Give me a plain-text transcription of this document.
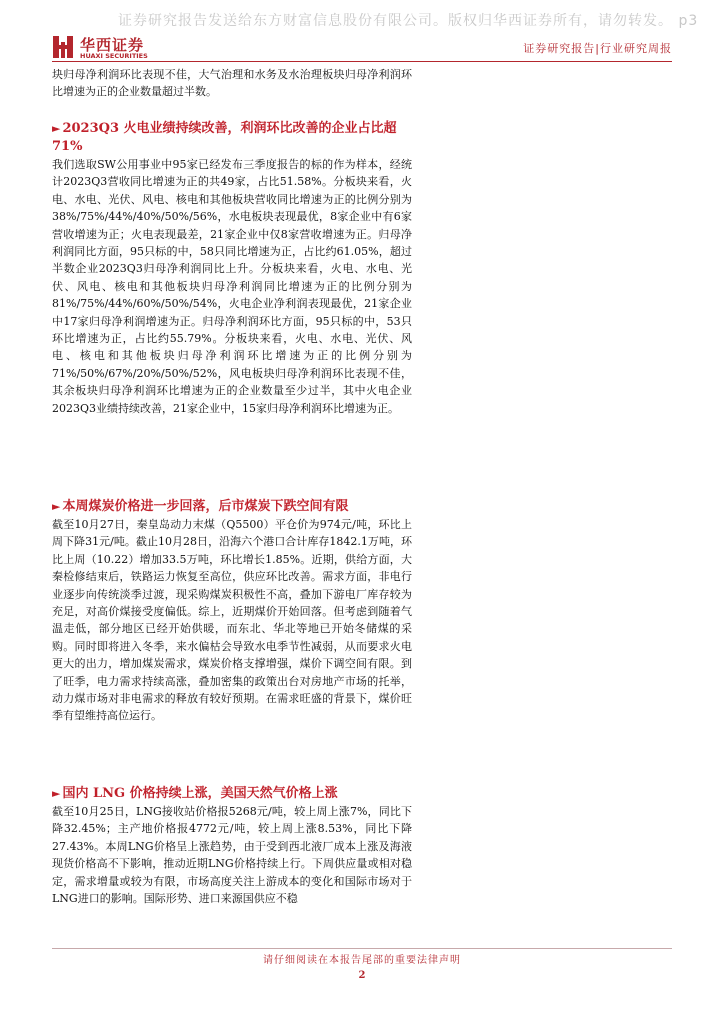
证券研究报告发送给东方财富信息股份有限公司。版权归华西证券所有，请勿转发。 p3
华西证券
HUAXI SECURITIES
证券研究报告|行业研究周报

块归母净利润环比表现不佳，大气治理和水务及水治理板块归母净利润环比增速为正的企业数量超过半数。

► 2023Q3 火电业绩持续改善，利润环比改善的企业占比超 71%

我们选取SW公用事业中95家已经发布三季度报告的标的作为样本，经统计2023Q3营收同比增速为正的共49家，占比51.58%。分板块来看，火电、水电、光伏、风电、核电和其他板块营收同比增速为正的比例分别为38%/75%/44%/40%/50%/56%，水电板块表现最优，8家企业中有6家营收增速为正；火电表现最差，21家企业中仅8家营收增速为正。归母净利润同比方面，95只标的中，58只同比增速为正，占比约61.05%，超过半数企业2023Q3归母净利润同比上升。分板块来看，火电、水电、光伏、风电、核电和其他板块归母净利润同比增速为正的比例分别为81%/75%/44%/60%/50%/54%，火电企业净利润表现最优，21家企业中17家归母净利润增速为正。归母净利润环比方面，95只标的中，53只环比增速为正，占比约55.79%。分板块来看，火电、水电、光伏、风电、核电和其他板块归母净利润环比增速为正的比例分别为71%/50%/67%/20%/50%/52%，风电板块归母净利润环比表现不佳，其余板块归母净利润环比增速为正的企业数量至少过半，其中火电企业2023Q3业绩持续改善，21家企业中，15家归母净利润环比增速为正。

► 本周煤炭价格进一步回落，后市煤炭下跌空间有限

截至10月27日，秦皇岛动力末煤（Q5500）平仓价为974元/吨，环比上周下降31元/吨。截止10月28日，沿海六个港口合计库存1842.1万吨，环比上周（10.22）增加33.5万吨，环比增长1.85%。近期，供给方面，大秦检修结束后，铁路运力恢复至高位，供应环比改善。需求方面，非电行业逐步向传统淡季过渡，现采购煤炭积极性不高，叠加下游电厂库存较为充足，对高价煤接受度偏低。综上，近期煤价开始回落。但考虑到随着气温走低，部分地区已经开始供暖，而东北、华北等地已开始冬储煤的采购。同时即将进入冬季，来水偏枯会导致水电季节性减弱，从而要求火电更大的出力，增加煤炭需求，煤炭价格支撑增强，煤价下调空间有限。到了旺季，电力需求持续高涨，叠加密集的政策出台对房地产市场的托举，动力煤市场对非电需求的释放有较好预期。在需求旺盛的背景下，煤价旺季有望维持高位运行。

► 国内 LNG 价格持续上涨，美国天然气价格上涨

截至10月25日，LNG接收站价格报5268元/吨，较上周上涨7%，同比下降32.45%；主产地价格报4772元/吨，较上周上涨8.53%，同比下降27.43%。本周LNG价格呈上涨趋势，由于受到西北液厂成本上涨及海液现货价格高不下影响，推动近期LNG价格持续上行。下周供应量或相对稳定，需求增量或较为有限，市场高度关注上游成本的变化和国际市场对于LNG进口的影响。国际形势、进口来源国供应不稳

请仔细阅读在本报告尾部的重要法律声明
2
